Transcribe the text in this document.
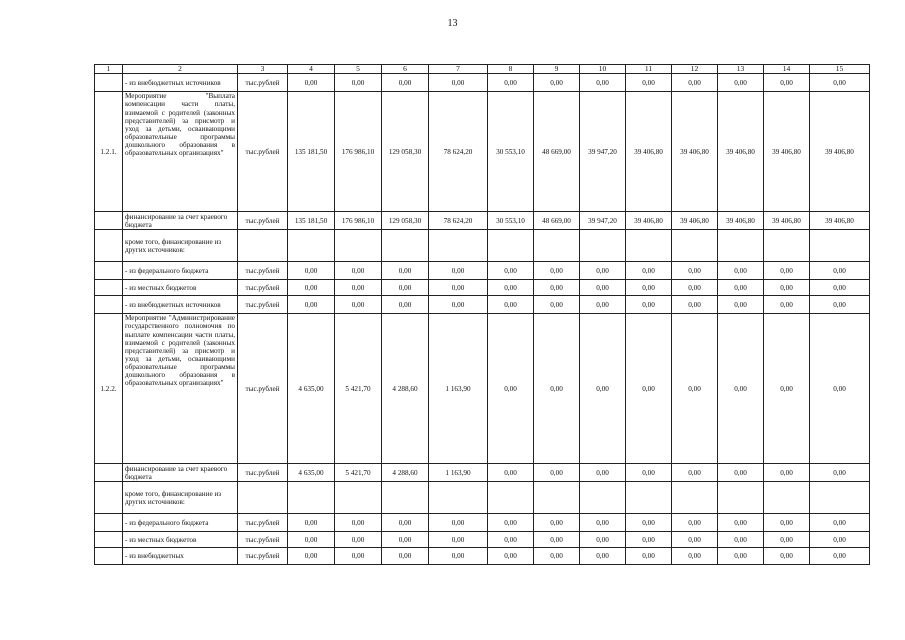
13
1	2	3	4	5	6	7	8	9	10	11	12	13	14	15
	- из внебюджетных источников	тыс.рублей	0,00	0,00	0,00	0,00	0,00	0,00	0,00	0,00	0,00	0,00	0,00	0,00
1.2.1.	Мероприятие "Выплата компенсации части платы, взимаемой с родителей (законных представителей) за присмотр и уход за детьми, осваивающими образовательные программы дошкольного образования в образовательных организациях"	тыс.рублей	135 181,50	176 986,10	129 058,30	78 624,20	30 553,10	48 669,00	39 947,20	39 406,80	39 406,80	39 406,80	39 406,80	39 406,80
	финансирование за счет краевого бюджета	тыс.рублей	135 181,50	176 986,10	129 058,30	78 624,20	30 553,10	48 669,00	39 947,20	39 406,80	39 406,80	39 406,80	39 406,80	39 406,80
	кроме того, финансирование из других источников:													
	- из федерального бюджета	тыс.рублей	0,00	0,00	0,00	0,00	0,00	0,00	0,00	0,00	0,00	0,00	0,00	0,00
	- из местных бюджетов	тыс.рублей	0,00	0,00	0,00	0,00	0,00	0,00	0,00	0,00	0,00	0,00	0,00	0,00
	- из внебюджетных источников	тыс.рублей	0,00	0,00	0,00	0,00	0,00	0,00	0,00	0,00	0,00	0,00	0,00	0,00
1.2.2.	Мероприятие "Администрирование государственного полномочия по выплате компенсации части платы, взимаемой с родителей (законных представителей) за присмотр и уход за детьми, осваивающими образовательные программы дошкольного образования в образовательных организациях"	тыс.рублей	4 635,00	5 421,70	4 288,60	1 163,90	0,00	0,00	0,00	0,00	0,00	0,00	0,00	0,00
	финансирование за счет краевого бюджета	тыс.рублей	4 635,00	5 421,70	4 288,60	1 163,90	0,00	0,00	0,00	0,00	0,00	0,00	0,00	0,00
	кроме того, финансирование из других источников:													
	- из федерального бюджета	тыс.рублей	0,00	0,00	0,00	0,00	0,00	0,00	0,00	0,00	0,00	0,00	0,00	0,00
	- из местных бюджетов	тыс.рублей	0,00	0,00	0,00	0,00	0,00	0,00	0,00	0,00	0,00	0,00	0,00	0,00
	- из внебюджетных	тыс.рублей	0,00	0,00	0,00	0,00	0,00	0,00	0,00	0,00	0,00	0,00	0,00	0,00
